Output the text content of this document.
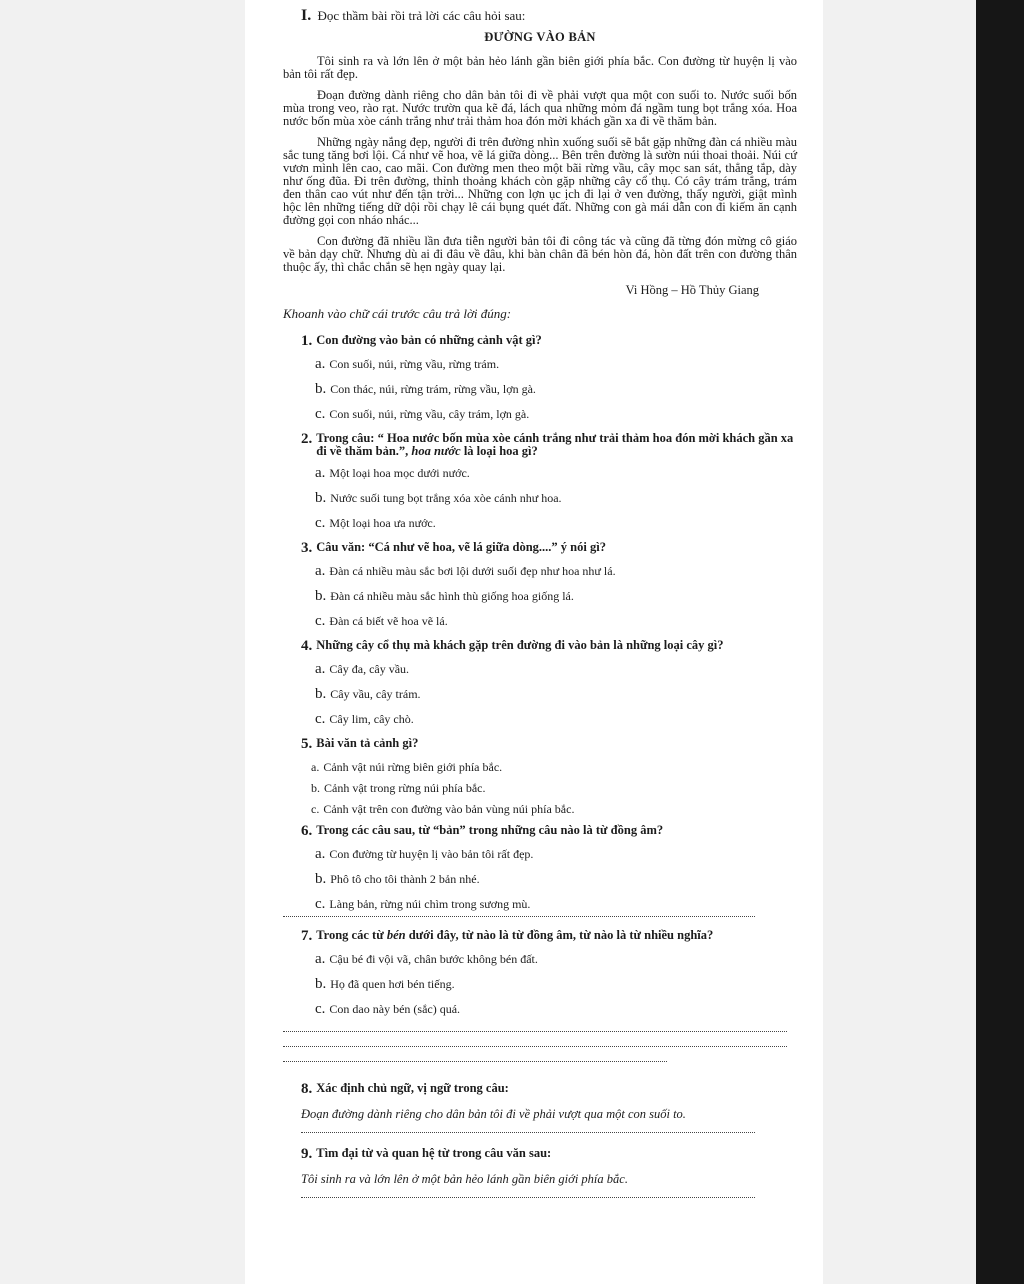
I. Đọc thầm bài rồi trả lời các câu hỏi sau:
ĐƯỜNG VÀO BẢN

Tôi sinh ra và lớn lên ở một bản hẻo lánh gần biên giới phía bắc. Con đường từ huyện lị vào bản tôi rất đẹp.

Đoạn đường dành riêng cho dân bản tôi đi về phải vượt qua một con suối to. Nước suối bốn mùa trong veo, rào rạt. Nước trườn qua kẽ đá, lách qua những mỏm đá ngầm tung bọt trắng xóa. Hoa nước bốn mùa xòe cánh trắng như trải thảm hoa đón mời khách gần xa đi về thăm bản.

Những ngày nắng đẹp, người đi trên đường nhìn xuống suối sẽ bắt gặp những đàn cá nhiều màu sắc tung tăng bơi lội. Cá như vẽ hoa, vẽ lá giữa dòng... Bên trên đường là sườn núi thoai thoải. Núi cứ vươn mình lên cao, cao mãi. Con đường men theo một bãi rừng vầu, cây mọc san sát, thẳng tắp, dày như ống đũa. Đi trên đường, thỉnh thoảng khách còn gặp những cây cổ thụ. Có cây trám trắng, trám đen thân cao vút như đến tận trời... Những con lợn ục ịch đi lại ở ven đường, thấy người, giật mình hộc lên những tiếng dữ dội rồi chạy lê cái bụng quét đất. Những con gà mái dẫn con đi kiếm ăn cạnh đường gọi con nháo nhác...

Con đường đã nhiều lần đưa tiễn người bản tôi đi công tác và cũng đã từng đón mừng cô giáo về bản dạy chữ. Nhưng dù ai đi đâu về đâu, khi bàn chân đã bén hòn đá, hòn đất trên con đường thân thuộc ấy, thì chắc chắn sẽ hẹn ngày quay lại.

Vi Hồng – Hồ Thủy Giang
Khoanh vào chữ cái trước câu trả lời đúng:
1. Con đường vào bản có những cảnh vật gì?
a. Con suối, núi, rừng vầu, rừng trám.
b. Con thác, núi, rừng trám, rừng vầu, lợn gà.
c. Con suối, núi, rừng vầu, cây trám, lợn gà.
2. Trong câu: “ Hoa nước bốn mùa xòe cánh trắng như trải thảm hoa đón mời khách gần xa đi về thăm bản.”, hoa nước là loại hoa gì?
a. Một loại hoa mọc dưới nước.
b. Nước suối tung bọt trắng xóa xòe cánh như hoa.
c. Một loại hoa ưa nước.
3. Câu văn: “Cá như vẽ hoa, vẽ lá giữa dòng....” ý nói gì?
a. Đàn cá nhiều màu sắc bơi lội dưới suối đẹp như hoa như lá.
b. Đàn cá nhiều màu sắc hình thù giống hoa giống lá.
c. Đàn cá biết vẽ hoa vẽ lá.
4. Những cây cổ thụ mà khách gặp trên đường đi vào bản là những loại cây gì?
a. Cây đa, cây vầu.
b. Cây vầu, cây trám.
c. Cây lim, cây chò.
5. Bài văn tả cảnh gì?
a. Cảnh vật núi rừng biên giới phía bắc.
b. Cảnh vật trong rừng núi phía bắc.
c. Cảnh vật trên con đường vào bản vùng núi phía bắc.
6. Trong các câu sau, từ “bản” trong những câu nào là từ đồng âm?
a. Con đường từ huyện lị vào bản tôi rất đẹp.
b. Phô tô cho tôi thành 2 bản nhé.
c. Làng bản, rừng núi chìm trong sương mù.
7. Trong các từ bén dưới đây, từ nào là từ đồng âm, từ nào là từ nhiều nghĩa?
a. Cậu bé đi vội vã, chân bước không bén đất.
b. Họ đã quen hơi bén tiếng.
c. Con dao này bén (sắc) quá.
8. Xác định chủ ngữ, vị ngữ trong câu:
Đoạn đường dành riêng cho dân bản tôi đi về phải vượt qua một con suối to.
9. Tìm đại từ và quan hệ từ trong câu văn sau:
Tôi sinh ra và lớn lên ở một bản hẻo lánh gần biên giới phía bắc.
